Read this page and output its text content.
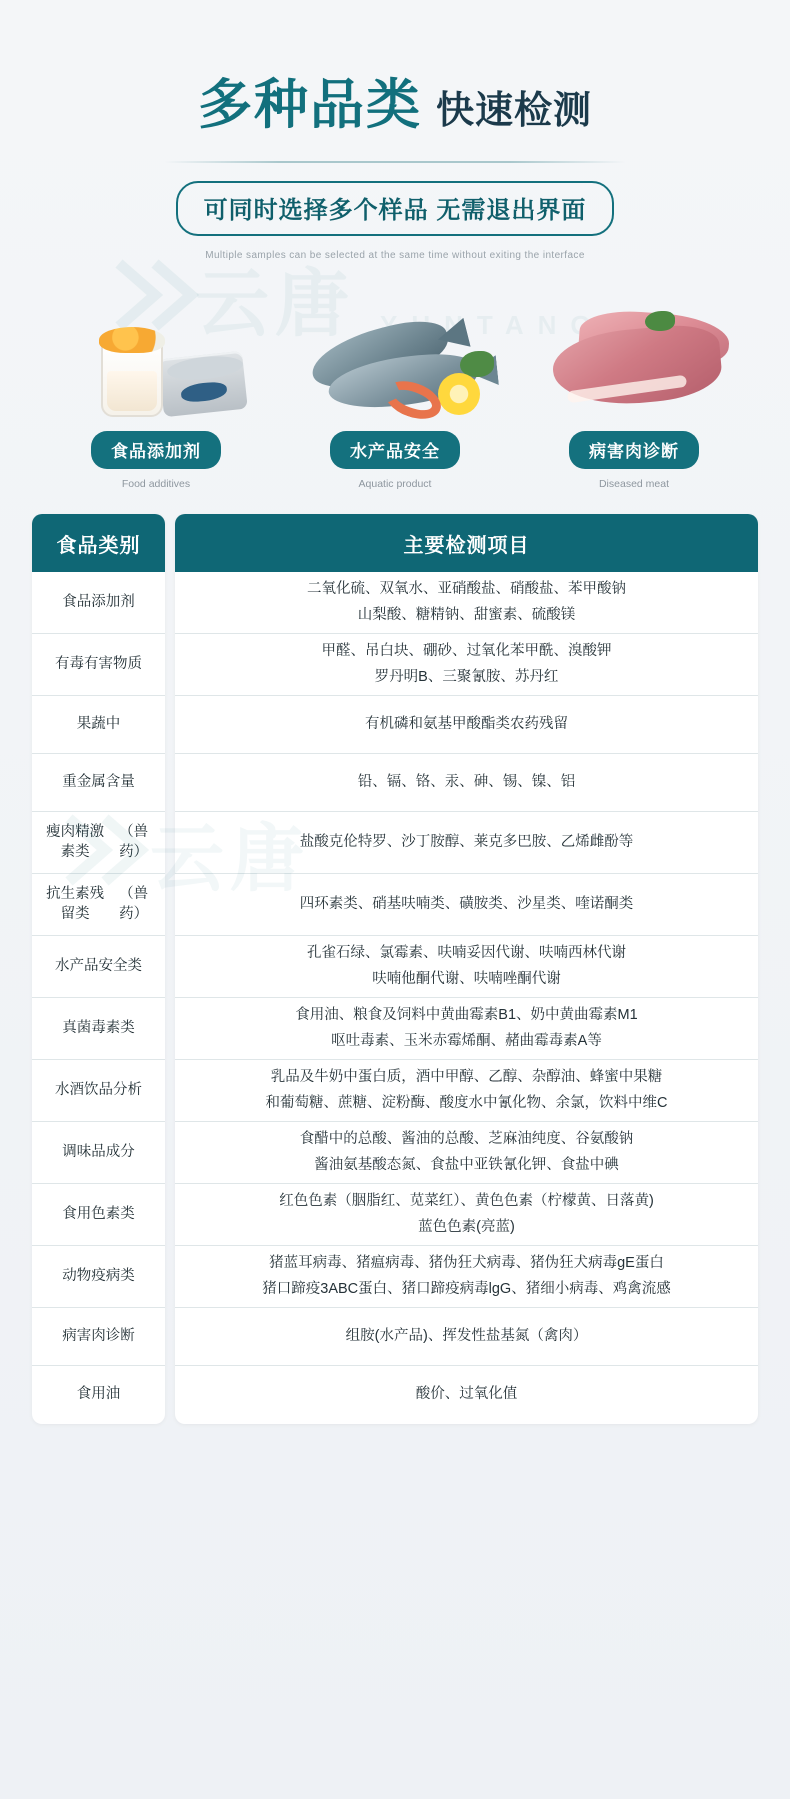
云唐 YUNTANG
多种品类 快速检测
可同时选择多个样品 无需退出界面
Multiple samples can be selected at the same time without exiting the interface
食品添加剂
Food additives
水产品安全
Aquatic product
病害肉诊断
Diseased meat
食品类别
食品添加剂
有毒有害物质
果蔬中
重金属含量
瘦肉精激素类
（兽药）
抗生素残留类
（兽药）
水产品安全类
真菌毒素类
水酒饮品 分析
调味品成分
食用色素类
动物疫病类
病害肉诊断
食用油
主要检测项目
二氧化硫、双氧水、亚硝酸盐、硝酸盐、苯甲酸钠
山梨酸、糖精钠、甜蜜素、硫酸镁
甲醛、吊白块、硼砂、过氧化苯甲酰、溴酸钾
罗丹明B、三聚氰胺、苏丹红
有机磷和氨基甲酸酯类农药残留
铅、镉、铬、汞、砷、锡、镍、铝
盐酸克伦特罗、沙丁胺醇、莱克多巴胺、乙烯雌酚等
四环素类、硝基呋喃类、磺胺类、沙星类、喹诺酮类
孔雀石绿、氯霉素、呋喃妥因代谢、呋喃西林代谢
呋喃他酮代谢、呋喃唑酮代谢
食用油、粮食及饲料中黄曲霉素B1、奶中黄曲霉素M1
呕吐毒素、玉米赤霉烯酮、赭曲霉毒素A等
乳品及牛奶中蛋白质，酒中甲醇、乙醇、杂醇油、蜂蜜中果糖
和葡萄糖、蔗糖、淀粉酶、酸度水中氰化物、余氯，饮料中维C
食醋中的总酸、酱油的总酸、芝麻油纯度、谷氨酸钠
酱油氨基酸态氮、食盐中亚铁氰化钾、食盐中碘
红色色素（胭脂红、苋菜红）、黄色色素（柠檬黄、日落黄)
蓝色色素(亮蓝)
猪蓝耳病毒、猪瘟病毒、猪伪狂犬病毒、猪伪狂犬病毒gE蛋白
猪口蹄疫3ABC蛋白、猪口蹄疫病毒lgG、猪细小病毒、鸡禽流感
组胺(水产品)、挥发性盐基氮（禽肉）
酸价、过氧化值
